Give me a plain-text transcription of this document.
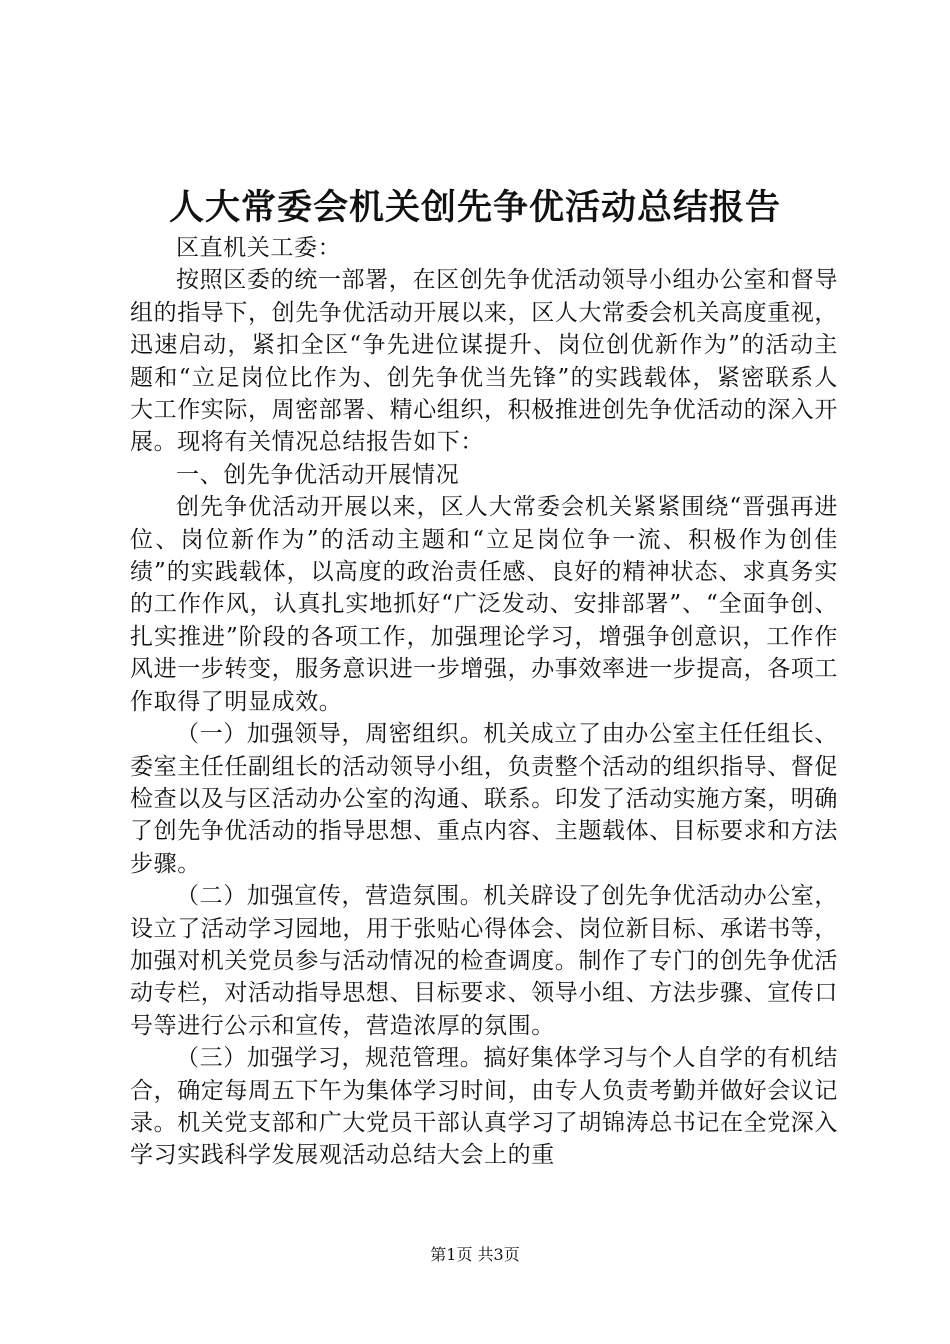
人大常委会机关创先争优活动总结报告

区直机关工委：

按照区委的统一部署，在区创先争优活动领导小组办公室和督导组的指导下，创先争优活动开展以来，区人大常委会机关高度重视，迅速启动，紧扣全区“争先进位谋提升、岗位创优新作为”的活动主题和“立足岗位比作为、创先争优当先锋”的实践载体，紧密联系人大工作实际，周密部署、精心组织，积极推进创先争优活动的深入开展。现将有关情况总结报告如下：

一、创先争优活动开展情况

创先争优活动开展以来，区人大常委会机关紧紧围绕“晋强再进位、岗位新作为”的活动主题和“立足岗位争一流、积极作为创佳绩”的实践载体，以高度的政治责任感、良好的精神状态、求真务实的工作作风，认真扎实地抓好“广泛发动、安排部署”、“全面争创、扎实推进”阶段的各项工作，加强理论学习，增强争创意识，工作作风进一步转变，服务意识进一步增强，办事效率进一步提高，各项工作取得了明显成效。

（一）加强领导，周密组织。机关成立了由办公室主任任组长、委室主任任副组长的活动领导小组，负责整个活动的组织指导、督促检查以及与区活动办公室的沟通、联系。印发了活动实施方案，明确了创先争优活动的指导思想、重点内容、主题载体、目标要求和方法步骤。

（二）加强宣传，营造氛围。机关辟设了创先争优活动办公室，设立了活动学习园地，用于张贴心得体会、岗位新目标、承诺书等，加强对机关党员参与活动情况的检查调度。制作了专门的创先争优活动专栏，对活动指导思想、目标要求、领导小组、方法步骤、宣传口号等进行公示和宣传，营造浓厚的氛围。

（三）加强学习，规范管理。搞好集体学习与个人自学的有机结合，确定每周五下午为集体学习时间，由专人负责考勤并做好会议记录。机关党支部和广大党员干部认真学习了胡锦涛总书记在全党深入学习实践科学发展观活动总结大会上的重

第1页 共3页
